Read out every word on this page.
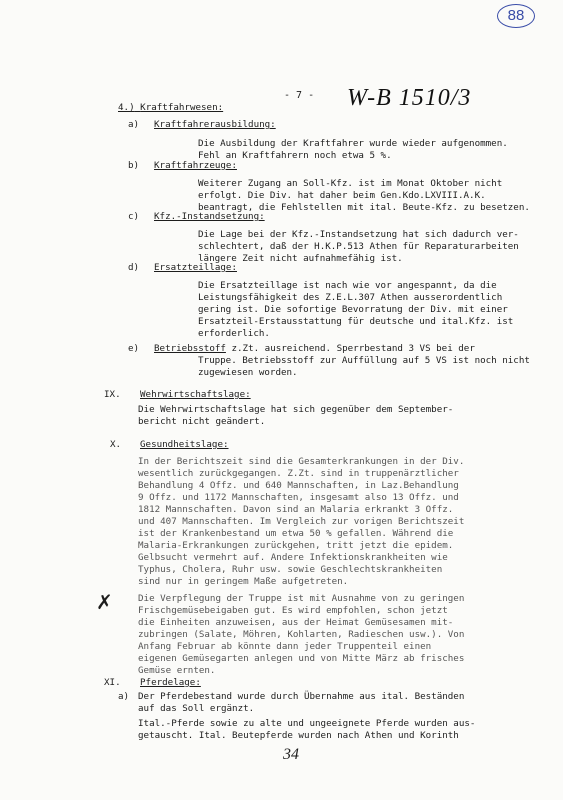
88
- 7 - W-B 1510/3
4.) Kraftfahrwesen:
a) Kraftfahrerausbildung:
Die Ausbildung der Kraftfahrer wurde wieder aufgenommen.
Fehl an Kraftfahrern noch etwa 5 %.
b) Kraftfahrzeuge:
Weiterer Zugang an Soll-Kfz. ist im Monat Oktober nicht
erfolgt. Die Div. hat daher beim Gen.Kdo.LXVIII.A.K.
beantragt, die Fehlstellen mit ital. Beute-Kfz. zu besetzen.
c) Kfz.-Instandsetzung:
Die Lage bei der Kfz.-Instandsetzung hat sich dadurch ver-
schlechtert, daß der H.K.P.513 Athen für Reparaturarbeiten
längere Zeit nicht aufnahmefähig ist.
d) Ersatzteillage:
Die Ersatzteillage ist nach wie vor angespannt, da die
Leistungsfähigkeit des Z.E.L.307 Athen ausserordentlich
gering ist. Die sofortige Bevorratung der Div. mit einer
Ersatzteil-Erstausstattung für deutsche und ital.Kfz. ist
erforderlich.
e) Betriebsstoff z.Zt. ausreichend. Sperrbestand 3 VS bei der
Truppe. Betriebsstoff zur Auffüllung auf 5 VS ist noch nicht
zugewiesen worden.
IX. Wehrwirtschaftslage:
Die Wehrwirtschaftslage hat sich gegenüber dem September-
bericht nicht geändert.
X. Gesundheitslage:
In der Berichtszeit sind die Gesamterkrankungen in der Div.
wesentlich zurückgegangen. Z.Zt. sind in truppenärztlicher
Behandlung 4 Offz. und 640 Mannschaften, in Laz.Behandlung
9 Offz. und 1172 Mannschaften, insgesamt also 13 Offz. und
1812 Mannschaften. Davon sind an Malaria erkrankt 3 Offz.
und 407 Mannschaften. Im Vergleich zur vorigen Berichtszeit
ist der Krankenbestand um etwa 50 % gefallen. Während die
Malaria-Erkrankungen zurückgehen, tritt jetzt die epidem.
Gelbsucht vermehrt auf. Andere Infektionskrankheiten wie
Typhus, Cholera, Ruhr usw. sowie Geschlechtskrankheiten
sind nur in geringem Maße aufgetreten.
✗	Die Verpflegung der Truppe ist mit Ausnahme von zu geringen
Frischgemüsebeigaben gut. Es wird empfohlen, schon jetzt
die Einheiten anzuweisen, aus der Heimat Gemüsesamen mit-
zubringen (Salate, Möhren, Kohlarten, Radieschen usw.). Von
Anfang Februar ab könnte dann jeder Truppenteil einen
eigenen Gemüsegarten anlegen und von Mitte März ab frisches
Gemüse ernten.
XI. Pferdelage:
a) Der Pferdebestand wurde durch Übernahme aus ital. Beständen
auf das Soll ergänzt.
Ital.-Pferde sowie zu alte und ungeeignete Pferde wurden aus-
getauscht. Ital. Beutepferde wurden nach Athen und Korinth
34
